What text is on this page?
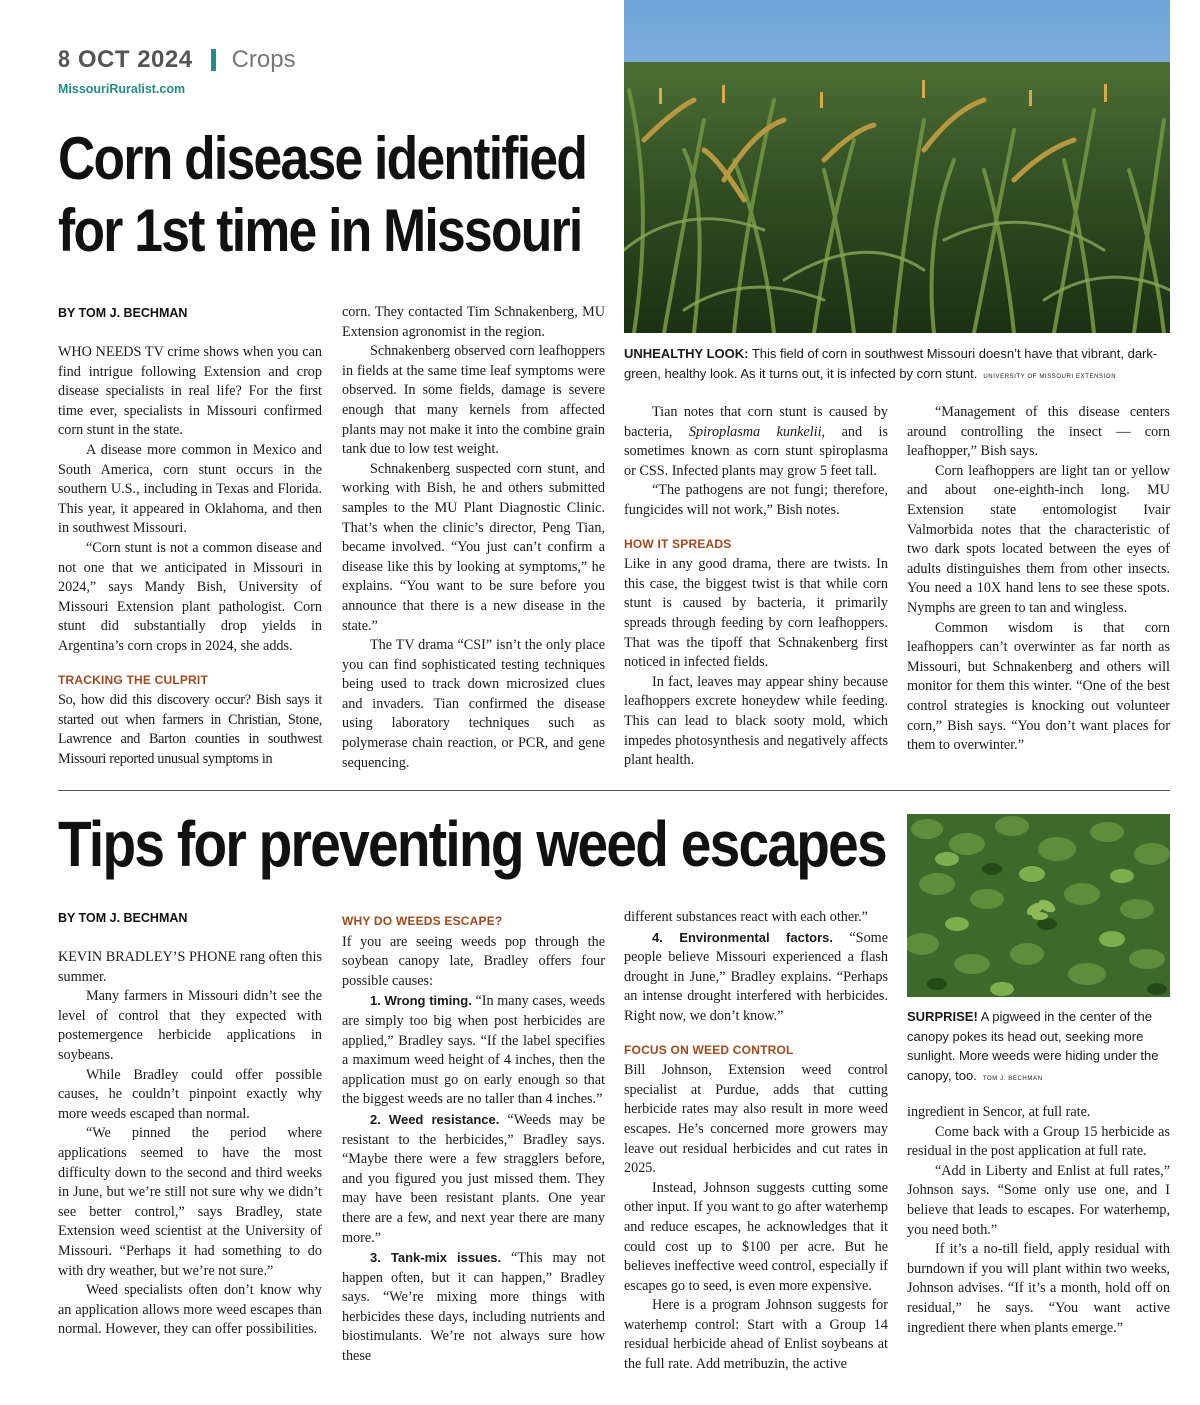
8 OCT 2024 Crops
MissouriRuralist.com
Corn disease identified
for 1st time in Missouri
UNHEALTHY LOOK: This field of corn in southwest Missouri doesn’t have that vibrant, dark-green, healthy look. As it turns out, it is infected by corn stunt. UNIVERSITY OF MISSOURI EXTENSION
BY TOM J. BECHMAN

WHO NEEDS TV crime shows when you can find intrigue following Extension and crop disease specialists in real life? For the first time ever, specialists in Missouri confirmed corn stunt in the state.

A disease more common in Mexico and South America, corn stunt occurs in the southern U.S., including in Texas and Florida. This year, it appeared in Oklahoma, and then in southwest Missouri.

“Corn stunt is not a common disease and not one that we anticipated in Missouri in 2024,” says Mandy Bish, University of Missouri Extension plant pathologist. Corn stunt did substantially drop yields in Argentina’s corn crops in 2024, she adds.

TRACKING THE CULPRIT

So, how did this discovery occur? Bish says it started out when farmers in Christian, Stone, Lawrence and Barton counties in southwest Missouri reported unusual symptoms in

corn. They contacted Tim Schnakenberg, MU Extension agronomist in the region.

Schnakenberg observed corn leafhoppers in fields at the same time leaf symptoms were observed. In some fields, damage is severe enough that many kernels from affected plants may not make it into the combine grain tank due to low test weight.

Schnakenberg suspected corn stunt, and working with Bish, he and others submitted samples to the MU Plant Diagnostic Clinic. That’s when the clinic’s director, Peng Tian, became involved. “You just can’t confirm a disease like this by looking at symptoms,” he explains. “You want to be sure before you announce that there is a new disease in the state.”

The TV drama “CSI” isn’t the only place you can find sophisticated testing techniques being used to track down microsized clues and invaders. Tian confirmed the disease using laboratory techniques such as polymerase chain reaction, or PCR, and gene sequencing.

Tian notes that corn stunt is caused by bacteria, Spiroplasma kunkelii, and is sometimes known as corn stunt spiroplasma or CSS. Infected plants may grow 5 feet tall.

“The pathogens are not fungi; therefore, fungicides will not work,” Bish notes.

HOW IT SPREADS

Like in any good drama, there are twists. In this case, the biggest twist is that while corn stunt is caused by bacteria, it primarily spreads through feeding by corn leafhoppers. That was the tipoff that Schnakenberg first noticed in infected fields.

In fact, leaves may appear shiny because leafhoppers excrete honeydew while feeding. This can lead to black sooty mold, which impedes photosynthesis and negatively affects plant health.

“Management of this disease centers around controlling the insect — corn leafhopper,” Bish says.

Corn leafhoppers are light tan or yellow and about one-eighth-inch long. MU Extension state entomologist Ivair Valmorbida notes that the characteristic of two dark spots located between the eyes of adults distinguishes them from other insects. You need a 10X hand lens to see these spots. Nymphs are green to tan and wingless.

Common wisdom is that corn leafhoppers can’t overwinter as far north as Missouri, but Schnakenberg and others will monitor for them this winter. “One of the best control strategies is knocking out volunteer corn,” Bish says. “You don’t want places for them to overwinter.”

Tips for preventing weed escapes
SURPRISE! A pigweed in the center of the canopy pokes its head out, seeking more sunlight. More weeds were hiding under the canopy, too. TOM J. BECHMAN
BY TOM J. BECHMAN

KEVIN BRADLEY’S PHONE rang often this summer.

Many farmers in Missouri didn’t see the level of control that they expected with postemergence herbicide applications in soybeans.

While Bradley could offer possible causes, he couldn’t pinpoint exactly why more weeds escaped than normal.

“We pinned the period where applications seemed to have the most difficulty down to the second and third weeks in June, but we’re still not sure why we didn’t see better control,” says Bradley, state Extension weed scientist at the University of Missouri. “Perhaps it had something to do with dry weather, but we’re not sure.”

Weed specialists often don’t know why an application allows more weed escapes than normal. However, they can offer possibilities.

WHY DO WEEDS ESCAPE?

If you are seeing weeds pop through the soybean canopy late, Bradley offers four possible causes:

1. Wrong timing. “In many cases, weeds are simply too big when post herbicides are applied,” Bradley says. “If the label specifies a maximum weed height of 4 inches, then the application must go on early enough so that the biggest weeds are no taller than 4 inches.”

2. Weed resistance. “Weeds may be resistant to the herbicides,” Bradley says. “Maybe there were a few stragglers before, and you figured you just missed them. They may have been resistant plants. One year there are a few, and next year there are many more.”

3. Tank-mix issues. “This may not happen often, but it can happen,” Bradley says. “We’re mixing more things with herbicides these days, including nutrients and biostimulants. We’re not always sure how these

different substances react with each other.”

4. Environmental factors. “Some people believe Missouri experienced a flash drought in June,” Bradley explains. “Perhaps an intense drought interfered with herbicides. Right now, we don’t know.”

FOCUS ON WEED CONTROL

Bill Johnson, Extension weed control specialist at Purdue, adds that cutting herbicide rates may also result in more weed escapes. He’s concerned more growers may leave out residual herbicides and cut rates in 2025.

Instead, Johnson suggests cutting some other input. If you want to go after waterhemp and reduce escapes, he acknowledges that it could cost up to $100 per acre. But he believes ineffective weed control, especially if escapes go to seed, is even more expensive.

Here is a program Johnson suggests for waterhemp control: Start with a Group 14 residual herbicide ahead of Enlist soybeans at the full rate. Add metribuzin, the active

ingredient in Sencor, at full rate.

Come back with a Group 15 herbicide as residual in the post application at full rate.

“Add in Liberty and Enlist at full rates,” Johnson says. “Some only use one, and I believe that leads to escapes. For waterhemp, you need both.”

If it’s a no-till field, apply residual with burndown if you will plant within two weeks, Johnson advises. “If it’s a month, hold off on residual,” he says. “You want active ingredient there when plants emerge.”
